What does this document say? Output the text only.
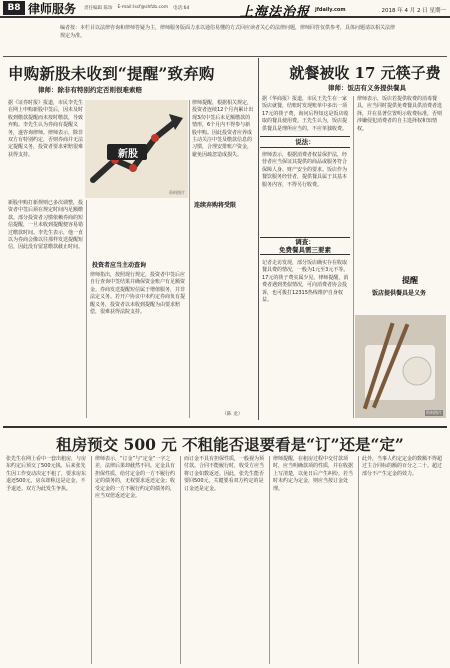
B8 律师服务 责任编辑 陈珍 E-mail:lssf@shfzb.com 电话:64	上海法治报 jfdaily.com	2018 年 4 月 2 日 星期一
编者按：本栏目以法律咨询和律师答疑为主，律师服务版面力求以通俗易懂的方式回应读者关心的法律问题，律师回答仅供参考，具体问题请以相关法律规定为准。
申购新股未收到“提醒”致弃购
律师：除非有特别约定否则很难索赔
据《证券时报》报道，市民李先生在网上申购新股中签后，因未及时收到缴款提醒而未按时缴款，导致弃购。李先生认为券商有提醒义务，遂咨询律师。律师表示，除非双方有特别约定，否则券商并无法定提醒义务，投资者要求索赔很难获得支持。	新股
资料图片
新股申购打新规则已多次调整，投资者中签后须在规定时间内足额缴款。部分投资者习惯依赖券商的短信提醒，一旦未收到提醒便容易错过缴款时间。李先生表示，他一直以为券商会像以往那样发送提醒短信，因此没有留意缴款截止时间。
投资者应当主动查询
律师指出，按照现行规定，投资者中签后应自行查询中签结果并确保资金账户有足额资金。券商发送提醒短信属于增值服务，并非法定义务。若开户协议中未约定券商负有提醒义务，投资者以未收到提醒为由要求赔偿，很难获得法院支持。
律师提醒，根据相关规定，投资者连续12个月内累计出现3次中签后未足额缴款的情形，6个月内不得参与新股申购。因此投资者应养成主动关注中签及缴款信息的习惯，合理安排账户资金，避免因疏忽造成损失。
连续弃购将受限
（陈 龙）
就餐被收 17 元筷子费
律师：饭店有义务提供餐具
据《华商报》报道，市民王先生在一家饭店就餐，结账时发现账单中多出一项17元的筷子费，询问后得知这是饭店收取的餐具使用费。王先生认为，饭店提供餐具是理所应当的，不应单独收费。
说法：
律师表示，根据消费者权益保护法，经营者应当保证其提供的商品或服务符合保障人身、财产安全的要求。饭店作为餐饮服务经营者，提供餐具属于其基本服务内容，不得另行收费。
调查：
免费餐具需三要素
记者走访发现，部分饭店确实存在收取餐具费的情况，一般为1元至3元不等。17元的筷子费实属少见。律师提醒，消费者遇到类似情况，可向消费者协会投诉，也可拨打12315热线维护自身权益。
律师表示，饭店若提供收费的消毒餐具，应当同时提供免费餐具供消费者选择，并在显著位置明示收费标准，否则涉嫌侵犯消费者的自主选择权和知情权。
提醒
饭店提供餐具是义务
资料图片
租房预交 500 元 不租能否退要看是“订”还是“定”
张先生在网上看中一套出租房，与房东约定后预交了500元钱。后来张先生因工作变动决定不租了，要求房东退还500元，房东却称这是定金，不予退还。双方为此发生争执。
律师表示，“订金”与“定金”一字之差，法律后果却截然不同。定金具有担保性质，给付定金的一方不履行约定的债务的，无权要求返还定金；收受定金的一方不履行约定的债务的，应当双倍返还定金。
而订金不具有担保性质，一般视为预付款。合同不能履行时，收受方应当将订金如数返还。因此，张先生能否要回500元，关键要看双方约定的是订金还是定金。
律师提醒，在租房过程中交付款项时，应当明确款项的性质，并在收据上写清楚，以免日后产生纠纷。若当时未约定为定金，则应当按订金处理。
此外，当事人约定定金的数额不得超过主合同标的额的百分之二十。超过部分不产生定金的效力。
